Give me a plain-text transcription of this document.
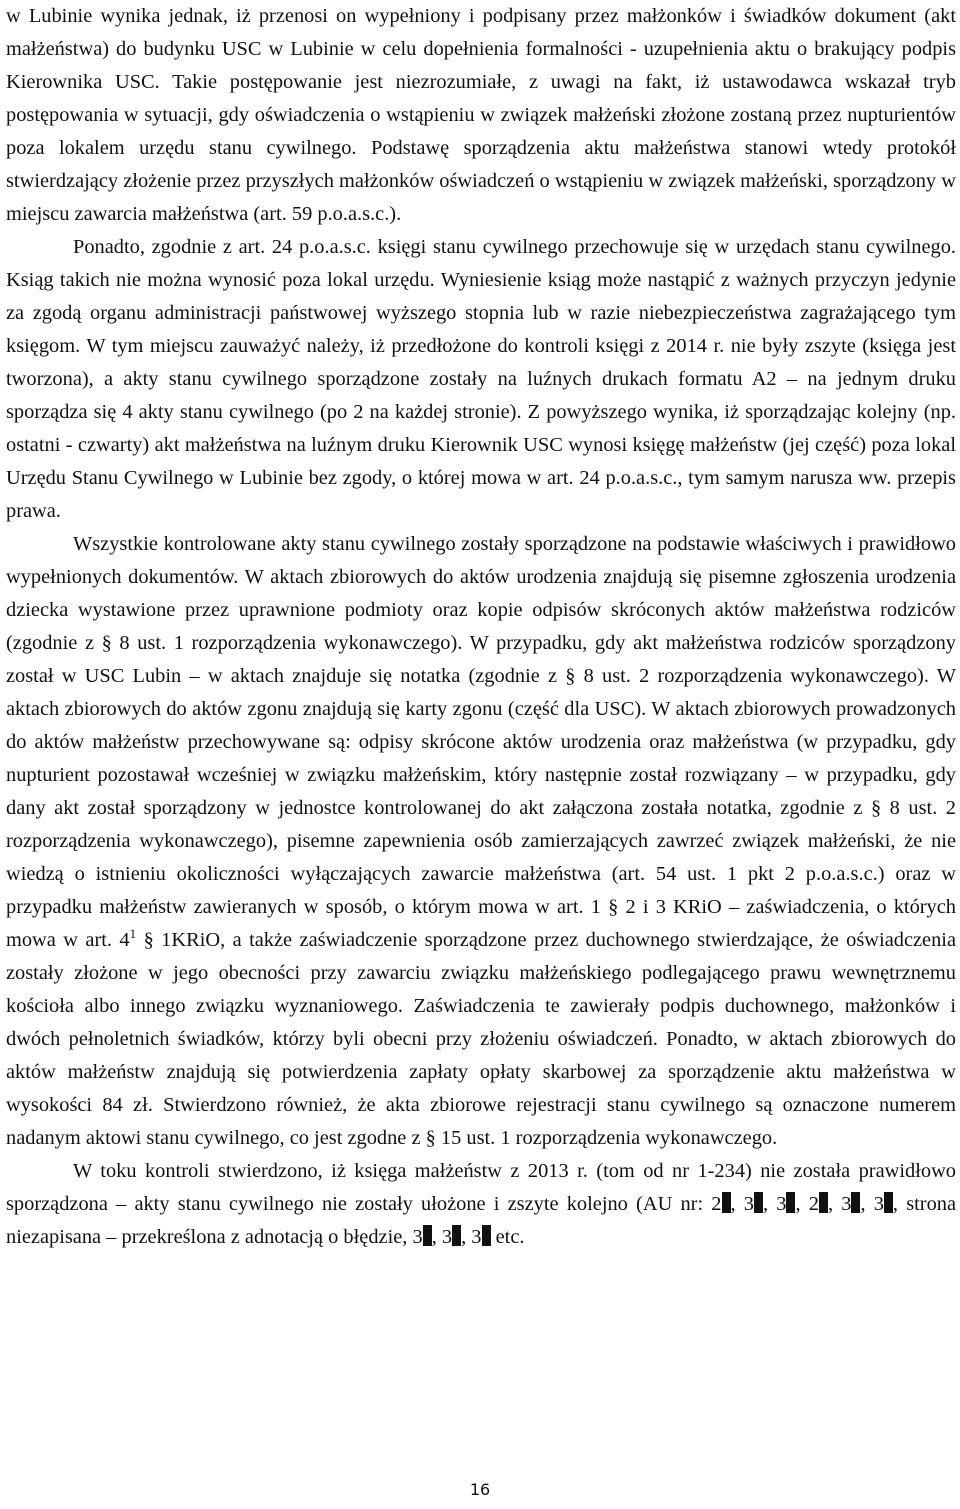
w Lubinie wynika jednak, iż przenosi on wypełniony i podpisany przez małżonków i świadków dokument (akt małżeństwa) do budynku USC w Lubinie w celu dopełnienia formalności - uzupełnienia aktu o brakujący podpis Kierownika USC. Takie postępowanie jest niezrozumiałe, z uwagi na fakt, iż ustawodawca wskazał tryb postępowania w sytuacji, gdy oświadczenia o wstąpieniu w związek małżeński złożone zostaną przez nupturientów poza lokalem urzędu stanu cywilnego. Podstawę sporządzenia aktu małżeństwa stanowi wtedy protokół stwierdzający złożenie przez przyszłych małżonków oświadczeń o wstąpieniu w związek małżeński, sporządzony w miejscu zawarcia małżeństwa (art. 59 p.o.a.s.c.).

Ponadto, zgodnie z art. 24 p.o.a.s.c. księgi stanu cywilnego przechowuje się w urzędach stanu cywilnego. Ksiąg takich nie można wynosić poza lokal urzędu. Wyniesienie ksiąg może nastąpić z ważnych przyczyn jedynie za zgodą organu administracji państwowej wyższego stopnia lub w razie niebezpieczeństwa zagrażającego tym księgom. W tym miejscu zauważyć należy, iż przedłożone do kontroli księgi z 2014 r. nie były zszyte (księga jest tworzona), a akty stanu cywilnego sporządzone zostały na luźnych drukach formatu A2 – na jednym druku sporządza się 4 akty stanu cywilnego (po 2 na każdej stronie). Z powyższego wynika, iż sporządzając kolejny (np. ostatni - czwarty) akt małżeństwa na luźnym druku Kierownik USC wynosi księgę małżeństw (jej część) poza lokal Urzędu Stanu Cywilnego w Lubinie bez zgody, o której mowa w art. 24 p.o.a.s.c., tym samym narusza ww. przepis prawa.

Wszystkie kontrolowane akty stanu cywilnego zostały sporządzone na podstawie właściwych i prawidłowo wypełnionych dokumentów. W aktach zbiorowych do aktów urodzenia znajdują się pisemne zgłoszenia urodzenia dziecka wystawione przez uprawnione podmioty oraz kopie odpisów skróconych aktów małżeństwa rodziców (zgodnie z § 8 ust. 1 rozporządzenia wykonawczego). W przypadku, gdy akt małżeństwa rodziców sporządzony został w USC Lubin – w aktach znajduje się notatka (zgodnie z § 8 ust. 2 rozporządzenia wykonawczego). W aktach zbiorowych do aktów zgonu znajdują się karty zgonu (część dla USC). W aktach zbiorowych prowadzonych do aktów małżeństw przechowywane są: odpisy skrócone aktów urodzenia oraz małżeństwa (w przypadku, gdy nupturient pozostawał wcześniej w związku małżeńskim, który następnie został rozwiązany – w przypadku, gdy dany akt został sporządzony w jednostce kontrolowanej do akt załączona została notatka, zgodnie z § 8 ust. 2 rozporządzenia wykonawczego), pisemne zapewnienia osób zamierzających zawrzeć związek małżeński, że nie wiedzą o istnieniu okoliczności wyłączających zawarcie małżeństwa (art. 54 ust. 1 pkt 2 p.o.a.s.c.) oraz w przypadku małżeństw zawieranych w sposób, o którym mowa w art. 1 § 2 i 3 KRiO – zaświadczenia, o których mowa w art. $4^1$ § 1KRiO, a także zaświadczenie sporządzone przez duchownego stwierdzające, że oświadczenia zostały złożone w jego obecności przy zawarciu związku małżeńskiego podlegającego prawu wewnętrznemu kościoła albo innego związku wyznaniowego. Zaświadczenia te zawierały podpis duchownego, małżonków i dwóch pełnoletnich świadków, którzy byli obecni przy złożeniu oświadczeń. Ponadto, w aktach zbiorowych do aktów małżeństw znajdują się potwierdzenia zapłaty opłaty skarbowej za sporządzenie aktu małżeństwa w wysokości 84 zł. Stwierdzono również, że akta zbiorowe rejestracji stanu cywilnego są oznaczone numerem nadanym aktowi stanu cywilnego, co jest zgodne z § 15 ust. 1 rozporządzenia wykonawczego.

W toku kontroli stwierdzono, iż księga małżeństw z 2013 r. (tom od nr 1-234) nie została prawidłowo sporządzona – akty stanu cywilnego nie zostały ułożone i zszyte kolejno (AU nr: 2 , 3 , 3 , 2 , 3 , 3 , strona niezapisana – przekreślona z adnotacją o błędzie, 3 , 3 , 3 etc.

16
